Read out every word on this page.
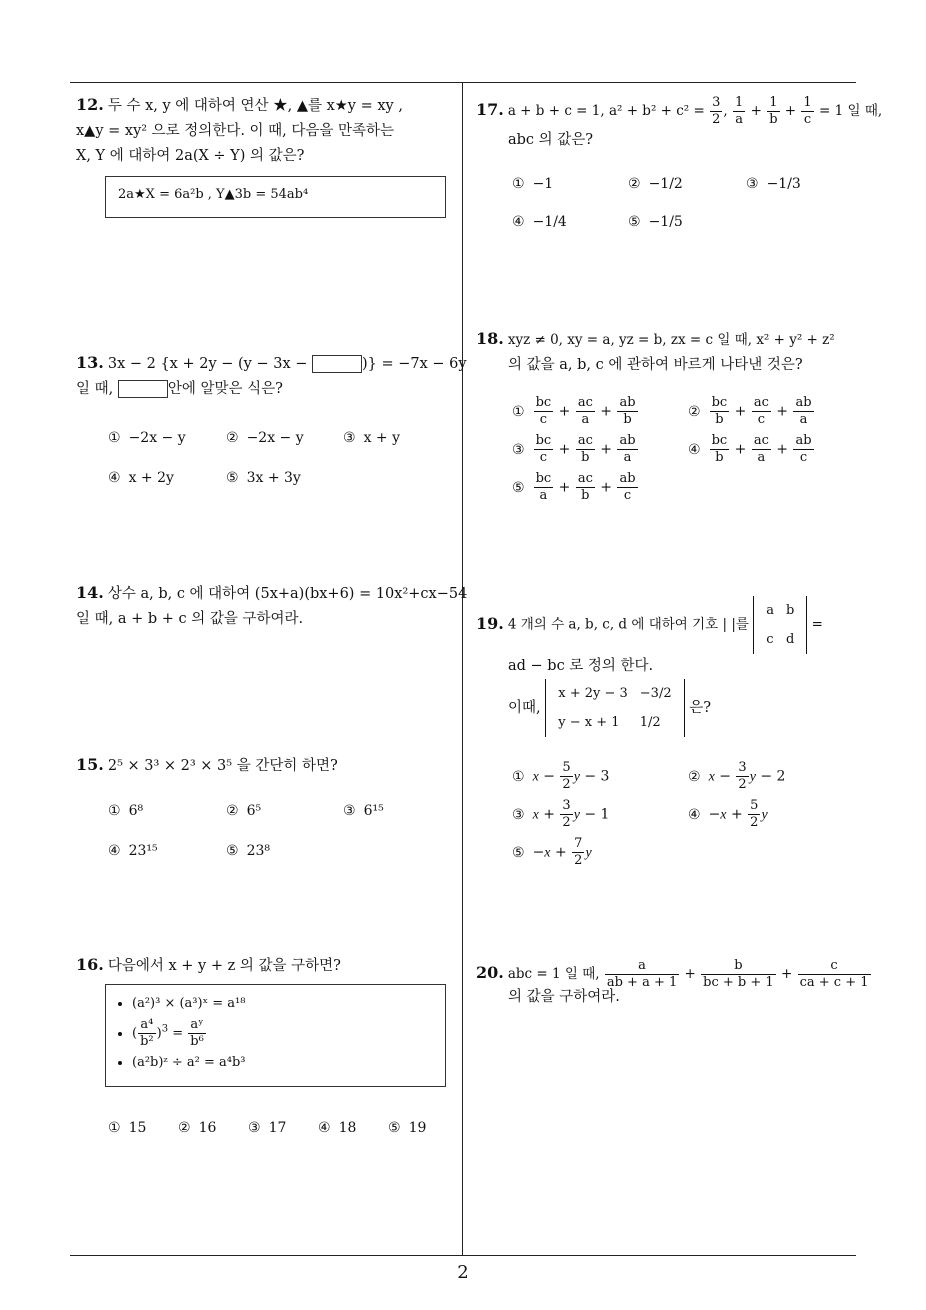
12. 두 수 x, y 에 대하여 연산 ★, ▲를 x★y = xy ,
x▲y = xy² 으로 정의한다. 이 때, 다음을 만족하는
X, Y 에 대하여 2a(X ÷ Y) 의 값은?
2a★X = 6a²b , Y▲3b = 54ab⁴
13. 3x − 2 {x + 2y − (y − 3x −	)} = −7x − 6y
일 때,	안에 알맞은 식은?
① −2x − y	② −2x − y	③ x + y
④ x + 2y	⑤ 3x + 3y
14. 상수 a, b, c 에 대하여 (5x+a)(bx+6) = 10x²+cx−54
일 때, a + b + c 의 값을 구하여라.
15. 2⁵ × 3³ × 2³ × 3⁵ 을 간단히 하면?
① 6⁸	② 6⁵	③ 6¹⁵
④ 23¹⁵	⑤ 23⁸
16. 다음에서 x + y + z 의 값을 구하면?
• (a²)³ × (a³)ˣ = a¹⁸
• ( $\frac{\text{a⁴}}{\text{b²}} )^3 = \frac{\text{aʸ}}{\text{b⁶}}$
• (a²b)ᶻ ÷ a² = a⁴b³
① 15 ② 16 ③ 17 ④ 18 ⑤ 19
17. a + b + c = 1, $a^2 + b^2 + c^2 = \frac{3}{2}$ , $\frac{1}{a} + \frac{1}{b} + \frac{1}{c} = 1$ 일 때,
abc 의 값은?
① −1	② −1/2	③ −1/3
④ −1/4	⑤ −1/5
18. xyz ≠ 0, xy = a, yz = b, zx = c 일 때, x² + y² + z²
의 값을 a, b, c 에 관하여 바르게 나타낸 것은?
① $\frac{bc}{c} + \frac{ac}{a} + \frac{ab}{b}$	② $\frac{bc}{b} + \frac{ac}{c} + \frac{ab}{a}$
③ $\frac{bc}{c} + \frac{ac}{b} + \frac{ab}{a}$	④ $\frac{bc}{b} + \frac{ac}{a} + \frac{ab}{c}$
⑤ $\frac{bc}{a} + \frac{ac}{b} + \frac{ab}{c}$
19. 4 개의 수 a, b, c, d 에 대하여 기호 | |를
a	b
c	d
=
ad − bc 로 정의 한다.
이때,
x + 2y − 3	−3/2
y − x + 1	1/2
은?
① $x - \frac{5}{2}$ y − 3	② $x - \frac{3}{2}$ y − 2
③ $x + \frac{3}{2}$ y − 1	④ $-x + \frac{5}{2}$ y
⑤ $-x + \frac{7}{2}$ y
20. abc = 1 일 때, $\frac{a}{ab + a + 1} + \frac{b}{bc + b + 1} + \frac{c}{ca + c + 1}$
의 값을 구하여라.
2
